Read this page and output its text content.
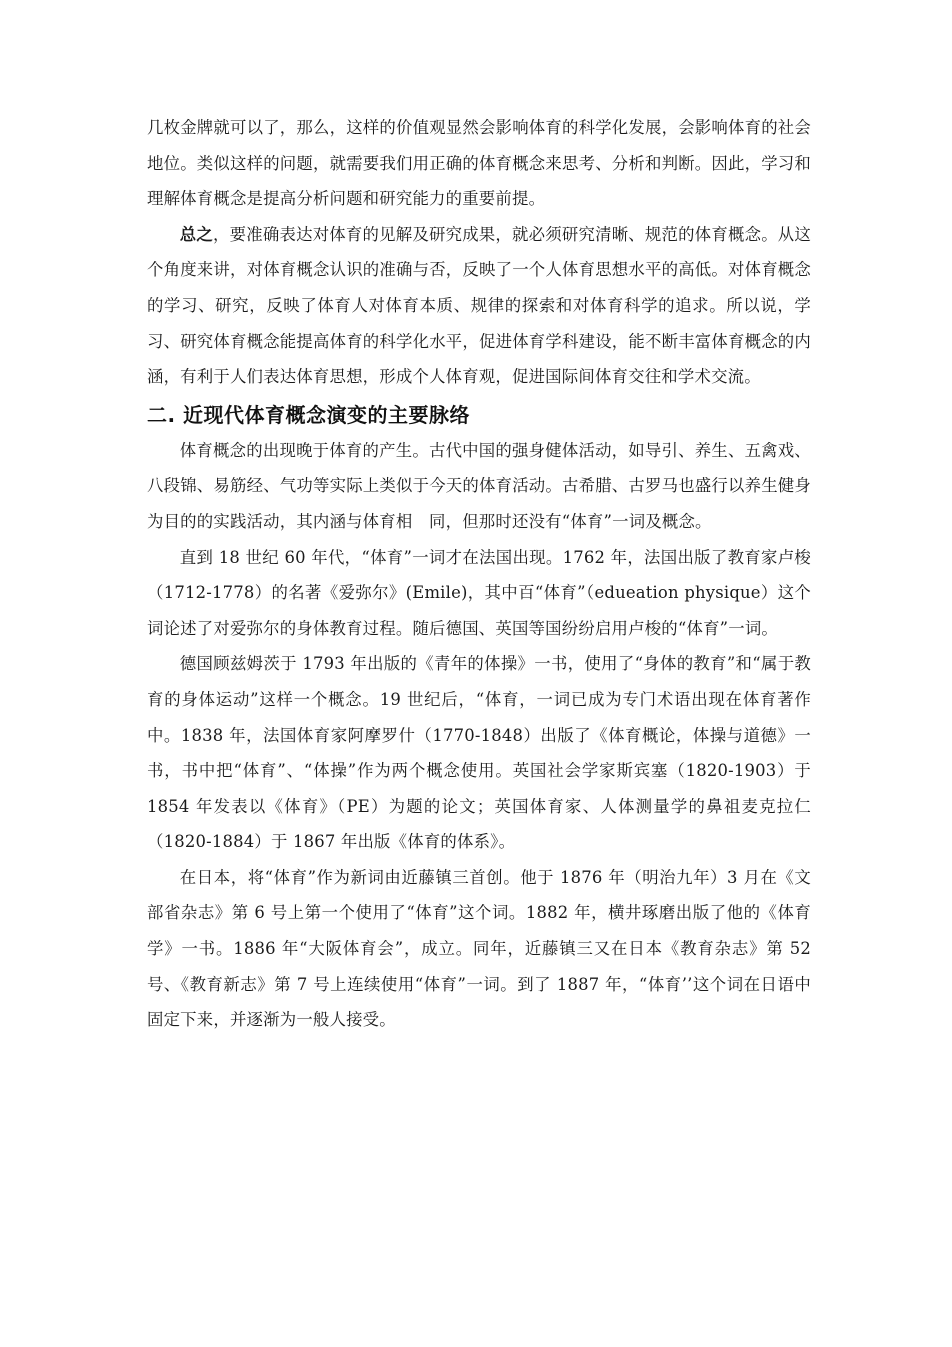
几枚金牌就可以了，那么，这样的价值观显然会影响体育的科学化发展，会影响体育的社会地位。类似这样的问题，就需要我们用正确的体育概念来思考、分析和判断。因此，学习和理解体育概念是提高分析问题和研究能力的重要前提。

总之，要准确表达对体育的见解及研究成果，就必须研究清晰、规范的体育概念。从这个角度来讲，对体育概念认识的准确与否，反映了一个人体育思想水平的高低。对体育概念的学习、研究，反映了体育人对体育本质、规律的探索和对体育科学的追求。所以说，学习、研究体育概念能提高体育的科学化水平，促进体育学科建设，能不断丰富体育概念的内涵，有利于人们表达体育思想，形成个人体育观，促进国际间体育交往和学术交流。

二. 近现代体育概念演变的主要脉络

体育概念的出现晚于体育的产生。古代中国的强身健体活动，如导引、养生、五禽戏、八段锦、易筋经、气功等实际上类似于今天的体育活动。古希腊、古罗马也盛行以养生健身为目的的实践活动，其内涵与体育相　同，但那时还没有“体育”一词及概念。

直到 18 世纪 60 年代，“体育”一词才在法国出现。1762 年，法国出版了教育家卢梭（1712-1778）的名著《爱弥尔》(Emile)，其中百“体育”（edueation physique）这个词论述了对爱弥尔的身体教育过程。随后德国、英国等国纷纷启用卢梭的“体育”一词。

德国顾兹姆茨于 1793 年出版的《青年的体操》一书，使用了“身体的教育”和“属于教育的身体运动”这样一个概念。19 世纪后，“体育，一词已成为专门术语出现在体育著作中。1838 年，法国体育家阿摩罗什（1770-1848）出版了《体育概论，体操与道德》一书，书中把“体育”、“体操”作为两个概念使用。英国社会学家斯宾塞（1820-1903）于 1854 年发表以《体育》（PE）为题的论文；英国体育家、人体测量学的鼻祖麦克拉仁（1820-1884）于 1867 年出版《体育的体系》。

在日本，将“体育”作为新词由近藤镇三首创。他于 1876 年（明治九年）3 月在《文部省杂志》第 6 号上第一个使用了“体育”这个词。1882 年，横井琢磨出版了他的《体育学》一书。1886 年“大阪体育会”，成立。同年，近藤镇三又在日本《教育杂志》第 52 号、《教育新志》第 7 号上连续使用“体育”一词。到了 1887 年，“体育’’这个词在日语中固定下来，并逐渐为一般人接受。
